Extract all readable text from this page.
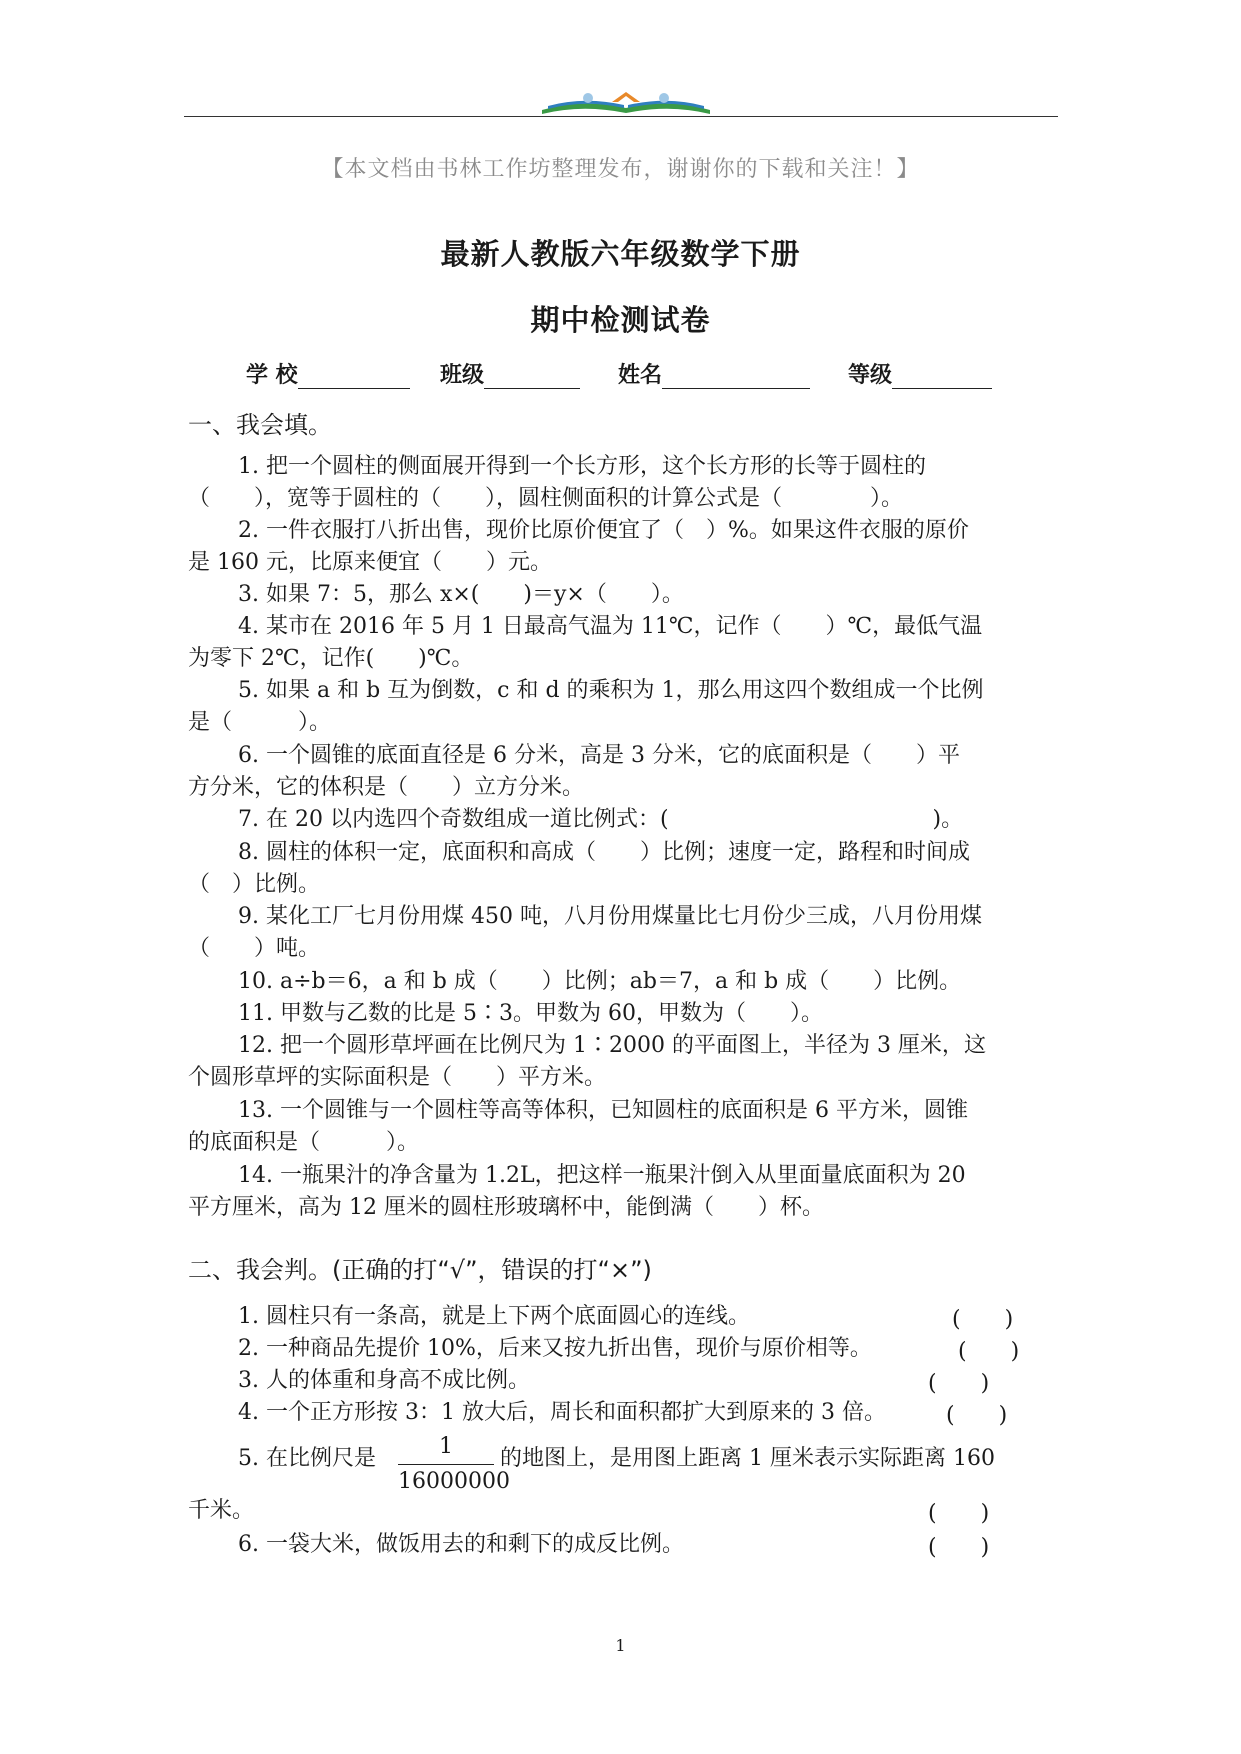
【本文档由书林工作坊整理发布，谢谢你的下载和关注！】
最新人教版六年级数学下册
期中检测试卷
学 校	班级	姓名	等级
一、我会填。
1. 把一个圆柱的侧面展开得到一个长方形，这个长方形的长等于圆柱的
（　　），宽等于圆柱的（　　），圆柱侧面积的计算公式是（　　　　）。
2. 一件衣服打八折出售，现价比原价便宜了（　）%。如果这件衣服的原价
是 160 元，比原来便宜（　　）元。
3. 如果 7：5，那么 x×(　　)＝y×（　　）。
4. 某市在 2016 年 5 月 1 日最高气温为 11℃，记作（　　）℃，最低气温
为零下 2℃，记作(　　)℃。
5. 如果 a 和 b 互为倒数，c 和 d 的乘积为 1，那么用这四个数组成一个比例
是（　　　）。
6. 一个圆锥的底面直径是 6 分米，高是 3 分米，它的底面积是（　　）平
方分米，它的体积是（　　）立方分米。
7. 在 20 以内选四个奇数组成一道比例式：(　　　　　　　　　　　　)。
8. 圆柱的体积一定，底面积和高成（　　）比例；速度一定，路程和时间成
（　）比例。
9. 某化工厂七月份用煤 450 吨，八月份用煤量比七月份少三成，八月份用煤
（　　）吨。
10. a÷b＝6，a 和 b 成（　　）比例；ab＝7，a 和 b 成（　　）比例。
11. 甲数与乙数的比是 5∶3。甲数为 60，甲数为（　　）。
12. 把一个圆形草坪画在比例尺为 1∶2000 的平面图上，半径为 3 厘米，这
个圆形草坪的实际面积是（　　）平方米。
13. 一个圆锥与一个圆柱等高等体积，已知圆柱的底面积是 6 平方米，圆锥
的底面积是（　　　）。
14. 一瓶果汁的净含量为 1.2L，把这样一瓶果汁倒入从里面量底面积为 20
平方厘米，高为 12 厘米的圆柱形玻璃杯中，能倒满（　　）杯。
二、我会判。(正确的打“√”，错误的打“×”)
1. 圆柱只有一条高，就是上下两个底面圆心的连线。	(　　)
2. 一种商品先提价 10%，后来又按九折出售，现价与原价相等。	(　　)
3. 人的体重和身高不成比例。	(　　)
4. 一个正方形按 3：1 放大后，周长和面积都扩大到原来的 3 倍。	(　　)
5. 在比例尺是	1
16000000
的地图上，是用图上距离 1 厘米表示实际距离 160
千米。	(　　)
6. 一袋大米，做饭用去的和剩下的成反比例。	(　　)
1
